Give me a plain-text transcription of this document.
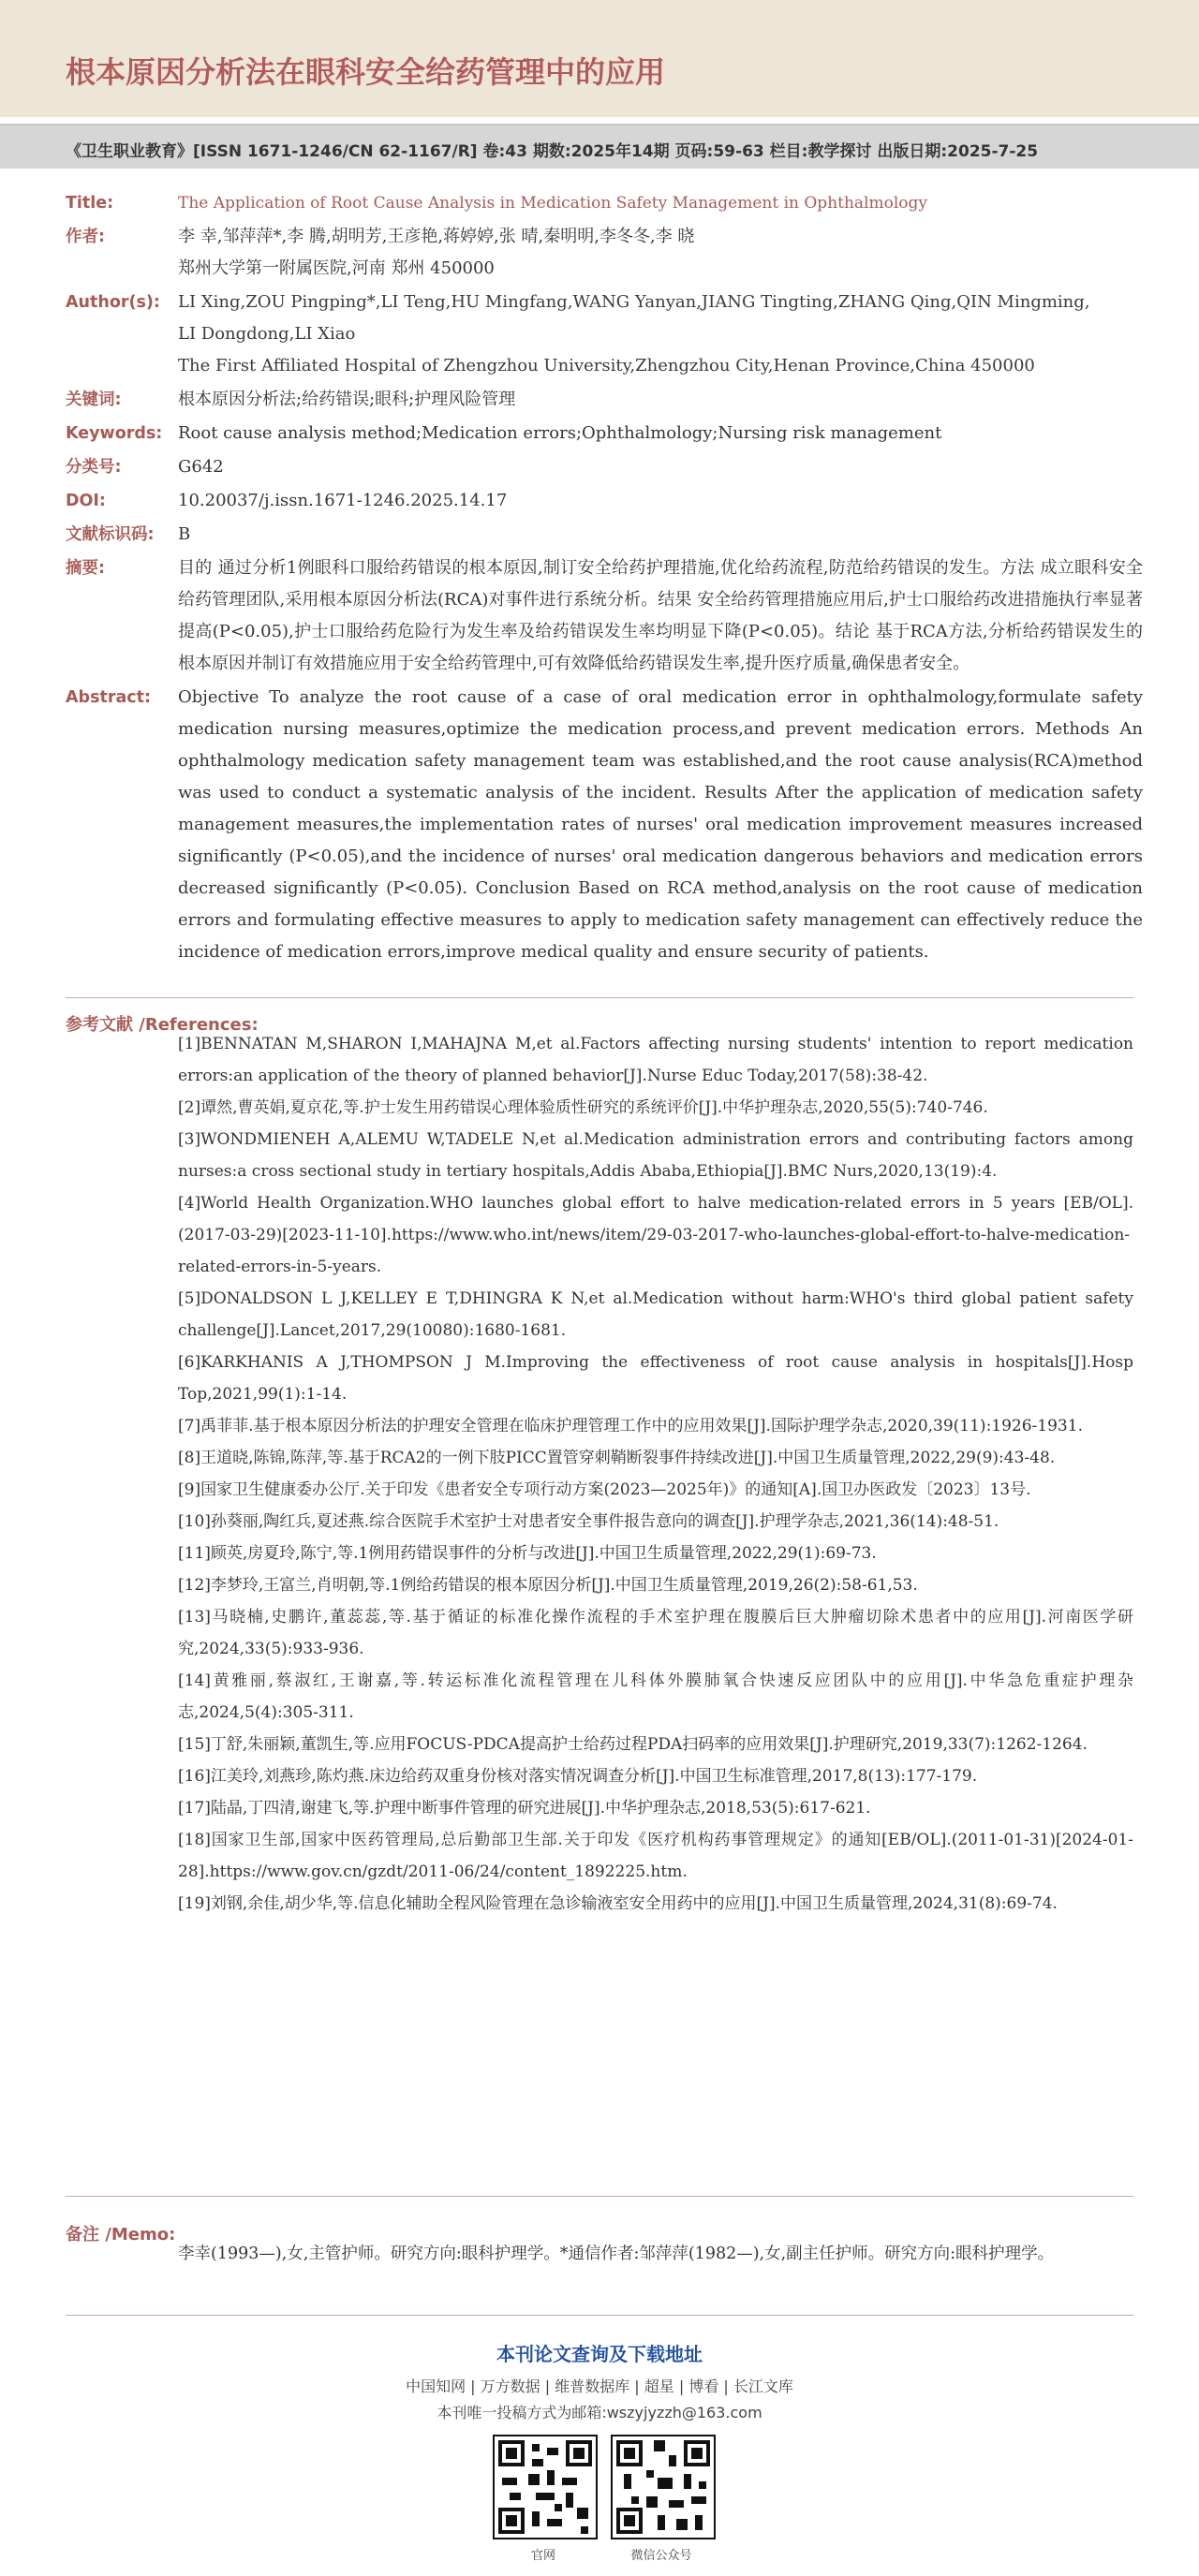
根本原因分析法在眼科安全给药管理中的应用
《卫生职业教育》[ISSN 1671-1246/CN 62-1167/R] 卷:43 期数:2025年14期 页码:59-63 栏目:教学探讨 出版日期:2025-7-25
Title:	The Application of Root Cause Analysis in Medication Safety Management in Ophthalmology
作者:	李 幸,邹萍萍*,李 腾,胡明芳,王彦艳,蒋婷婷,张 晴,秦明明,李冬冬,李 晓
郑州大学第一附属医院,河南 郑州 450000
Author(s):	LI Xing,ZOU Pingping*,LI Teng,HU Mingfang,WANG Yanyan,JIANG Tingting,ZHANG Qing,QIN Mingming,
LI Dongdong,LI Xiao
The First Affiliated Hospital of Zhengzhou University,Zhengzhou City,Henan Province,China 450000
关键词:	根本原因分析法;给药错误;眼科;护理风险管理
Keywords: Root cause analysis method;Medication errors;Ophthalmology;Nursing risk management
分类号:	G642
DOI:	10.20037/j.issn.1671-1246.2025.14.17
文献标识码:	B
摘要:	目的 通过分析1例眼科口服给药错误的根本原因,制订安全给药护理措施,优化给药流程,防范给药错误的发生。方法 成立眼科安全给药管理团队,采用根本原因分析法(RCA)对事件进行系统分析。结果 安全给药管理措施应用后,护士口服给药改进措施执行率显著提高(P<0.05),护士口服给药危险行为发生率及给药错误发生率均明显下降(P<0.05)。结论 基于RCA方法,分析给药错误发生的根本原因并制订有效措施应用于安全给药管理中,可有效降低给药错误发生率,提升医疗质量,确保患者安全。
Abstract:	Objective To analyze the root cause of a case of oral medication error in ophthalmology,formulate safety medication nursing measures,optimize the medication process,and prevent medication errors. Methods An ophthalmology medication safety management team was established,and the root cause analysis(RCA)method was used to conduct a systematic analysis of the incident. Results After the application of medication safety management measures,the implementation rates of nurses' oral medication improvement measures increased significantly (P<0.05),and the incidence of nurses' oral medication dangerous behaviors and medication errors decreased significantly (P<0.05). Conclusion Based on RCA method,analysis on the root cause of medication errors and formulating effective measures to apply to medication safety management can effectively reduce the incidence of medication errors,improve medical quality and ensure security of patients.
参考文献 /References:
[1]BENNATAN M,SHARON I,MAHAJNA M,et al.Factors affecting nursing students' intention to report medication errors:an application of the theory of planned behavior[J].Nurse Educ Today,2017(58):38-42.
[2]谭然,曹英娟,夏京花,等.护士发生用药错误心理体验质性研究的系统评价[J].中华护理杂志,2020,55(5):740-746.
[3]WONDMIENEH A,ALEMU W,TADELE N,et al.Medication administration errors and contributing factors among nurses:a cross sectional study in tertiary hospitals,Addis Ababa,Ethiopia[J].BMC Nurs,2020,13(19):4.
[4]World Health Organization.WHO launches global effort to halve medication-related errors in 5 years [EB/OL].(2017-03-29)[2023-11-10].https://www.who.int/news/item/29-03-2017-who-launches-global-effort-to-halve-medication-related-errors-in-5-years.
[5]DONALDSON L J,KELLEY E T,DHINGRA K N,et al.Medication without harm:WHO's third global patient safety challenge[J].Lancet,2017,29(10080):1680-1681.
[6]KARKHANIS A J,THOMPSON J M.Improving the effectiveness of root cause analysis in hospitals[J].Hosp Top,2021,99(1):1-14.
[7]禹菲菲.基于根本原因分析法的护理安全管理在临床护理管理工作中的应用效果[J].国际护理学杂志,2020,39(11):1926-1931.
[8]王道晓,陈锦,陈萍,等.基于RCA2的一例下肢PICC置管穿刺鞘断裂事件持续改进[J].中国卫生质量管理,2022,29(9):43-48.
[9]国家卫生健康委办公厅.关于印发《患者安全专项行动方案(2023—2025年)》的通知[A].国卫办医政发〔2023〕13号.
[10]孙葵丽,陶红兵,夏述燕.综合医院手术室护士对患者安全事件报告意向的调查[J].护理学杂志,2021,36(14):48-51.
[11]顾英,房夏玲,陈宁,等.1例用药错误事件的分析与改进[J].中国卫生质量管理,2022,29(1):69-73.
[12]李梦玲,王富兰,肖明朝,等.1例给药错误的根本原因分析[J].中国卫生质量管理,2019,26(2):58-61,53.
[13]马晓楠,史鹏许,董蕊蕊,等.基于循证的标准化操作流程的手术室护理在腹膜后巨大肿瘤切除术患者中的应用[J].河南医学研究,2024,33(5):933-936.
[14]黄雅丽,蔡淑红,王谢嘉,等.转运标准化流程管理在儿科体外膜肺氧合快速反应团队中的应用[J].中华急危重症护理杂志,2024,5(4):305-311.
[15]丁舒,朱丽颖,董凯生,等.应用FOCUS-PDCA提高护士给药过程PDA扫码率的应用效果[J].护理研究,2019,33(7):1262-1264.
[16]江美玲,刘燕珍,陈灼燕.床边给药双重身份核对落实情况调查分析[J].中国卫生标准管理,2017,8(13):177-179.
[17]陆晶,丁四清,谢建飞,等.护理中断事件管理的研究进展[J].中华护理杂志,2018,53(5):617-621.
[18]国家卫生部,国家中医药管理局,总后勤部卫生部.关于印发《医疗机构药事管理规定》的通知[EB/OL].(2011-01-31)[2024-01-28].https://www.gov.cn/gzdt/2011-06/24/content_1892225.htm.
[19]刘钢,余佳,胡少华,等.信息化辅助全程风险管理在急诊输液室安全用药中的应用[J].中国卫生质量管理,2024,31(8):69-74.
备注 /Memo:
李幸(1993—),女,主管护师。研究方向:眼科护理学。*通信作者:邹萍萍(1982—),女,副主任护师。研究方向:眼科护理学。
本刊论文查询及下载地址
中国知网 | 万方数据 | 维普数据库 | 超星 | 博看 | 长江文库
本刊唯一投稿方式为邮箱:wszyjyzzh@163.com
官网	微信公众号
